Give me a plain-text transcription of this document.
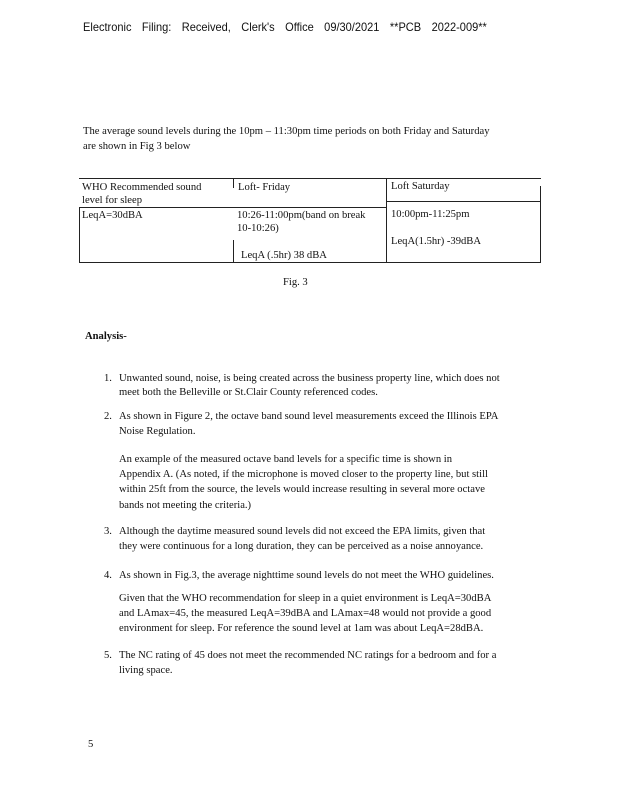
Electronic Filing: Received, Clerk's Office 09/30/2021 **PCB 2022-009**
The average sound levels during the 10pm – 11:30pm time periods on both Friday and Saturday
are shown in Fig 3 below
WHO Recommended sound
level for sleep
Loft- Friday	Loft Saturday
LeqA=30dBA	10:26-11:00pm(band on break
10-10:26)
LeqA (.5hr) 38 dBA
10:00pm-11:25pm
LeqA(1.5hr) -39dBA
Fig. 3
Analysis-
1. Unwanted sound, noise, is being created across the business property line, which does not
meet both the Belleville or St.Clair County referenced codes.
2. As shown in Figure 2, the octave band sound level measurements exceed the Illinois EPA
Noise Regulation.
An example of the measured octave band levels for a specific time is shown in
Appendix A. (As noted, if the microphone is moved closer to the property line, but still
within 25ft from the source, the levels would increase resulting in several more octave
bands not meeting the criteria.)
3. Although the daytime measured sound levels did not exceed the EPA limits, given that
they were continuous for a long duration, they can be perceived as a noise annoyance.
4. As shown in Fig.3, the average nighttime sound levels do not meet the WHO guidelines.
Given that the WHO recommendation for sleep in a quiet environment is LeqA=30dBA
and LAmax=45, the measured LeqA=39dBA and LAmax=48 would not provide a good
environment for sleep. For reference the sound level at 1am was about LeqA=28dBA.
5. The NC rating of 45 does not meet the recommended NC ratings for a bedroom and for a
living space.
5
